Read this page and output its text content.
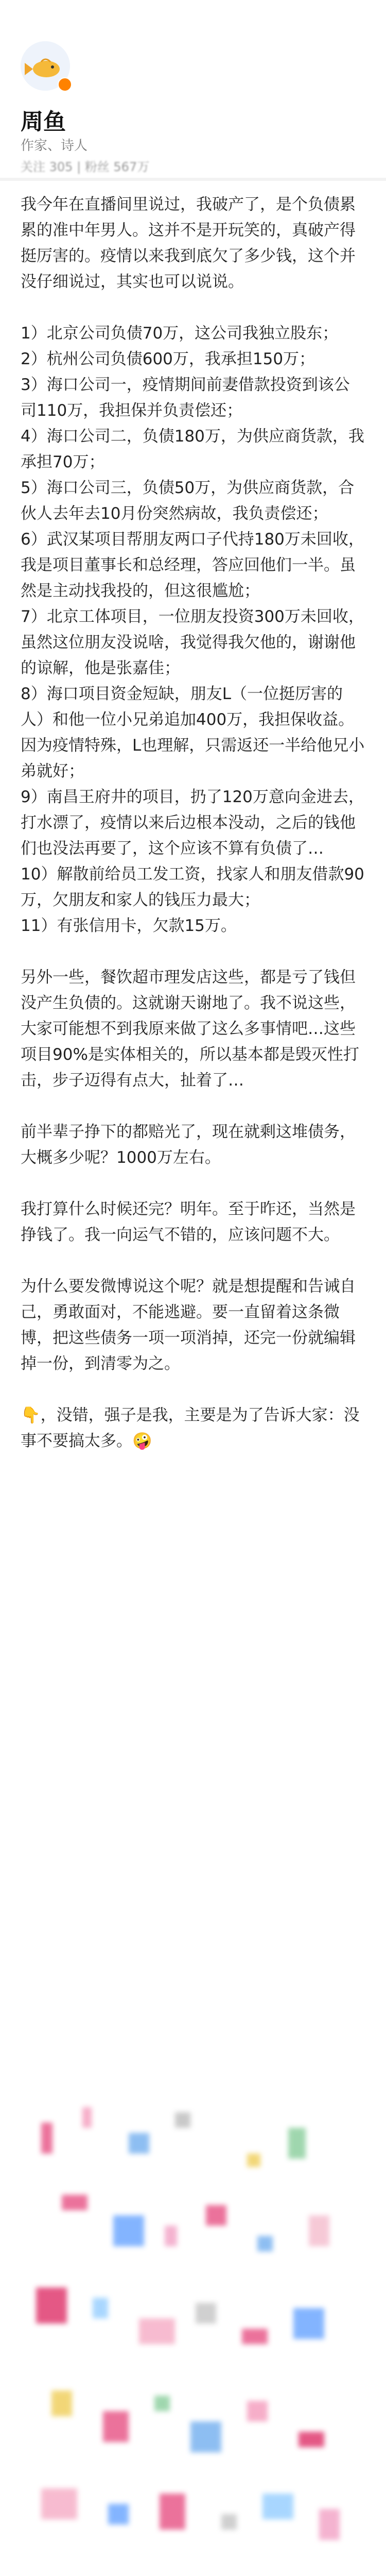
周鱼
作家、诗人
关注 305 | 粉丝 567万

我今年在直播间里说过，我破产了，是个负债累累的准中年男人。这并不是开玩笑的，真破产得挺厉害的。疫情以来我到底欠了多少钱，这个并没仔细说过，其实也可以说说。

1）北京公司负债70万，这公司我独立股东；

2）杭州公司负债600万，我承担150万；

3）海口公司一，疫情期间前妻借款投资到该公司110万，我担保并负责偿还；

4）海口公司二，负债180万，为供应商货款，我承担70万；

5）海口公司三，负债50万，为供应商货款，合伙人去年去10月份突然病故，我负责偿还；

6）武汉某项目帮朋友两口子代持180万未回收，我是项目董事长和总经理，答应回他们一半。虽然是主动找我投的，但这很尴尬；

7）北京工体项目，一位朋友投资300万未回收，虽然这位朋友没说啥，我觉得我欠他的，谢谢他的谅解，他是张嘉佳；

8）海口项目资金短缺，朋友L（一位挺厉害的人）和他一位小兄弟追加400万，我担保收益。因为疫情特殊，L也理解，只需返还一半给他兄小弟就好；

9）南昌王府井的项目，扔了120万意向金进去，打水漂了，疫情以来后边根本没动，之后的钱他们也没法再要了，这个应该不算有负债了…

10）解散前给员工发工资，找家人和朋友借款90万，欠朋友和家人的钱压力最大；

11）有张信用卡，欠款15万。

另外一些，餐饮超市理发店这些，都是亏了钱但没产生负债的。这就谢天谢地了。我不说这些，大家可能想不到我原来做了这么多事情吧…这些项目90%是实体相关的，所以基本都是毁灭性打击，步子迈得有点大，扯着了…

前半辈子挣下的都赔光了，现在就剩这堆债务，大概多少呢？1000万左右。

我打算什么时候还完？明年。至于昨还，当然是挣钱了。我一向运气不错的，应该问题不大。

为什么要发微博说这个呢？就是想提醒和告诫自己，勇敢面对，不能逃避。要一直留着这条微博，把这些债务一项一项消掉，还完一份就编辑掉一份，到清零为之。

👇，没错，强子是我，主要是为了告诉大家：没事不要搞太多。🤪
